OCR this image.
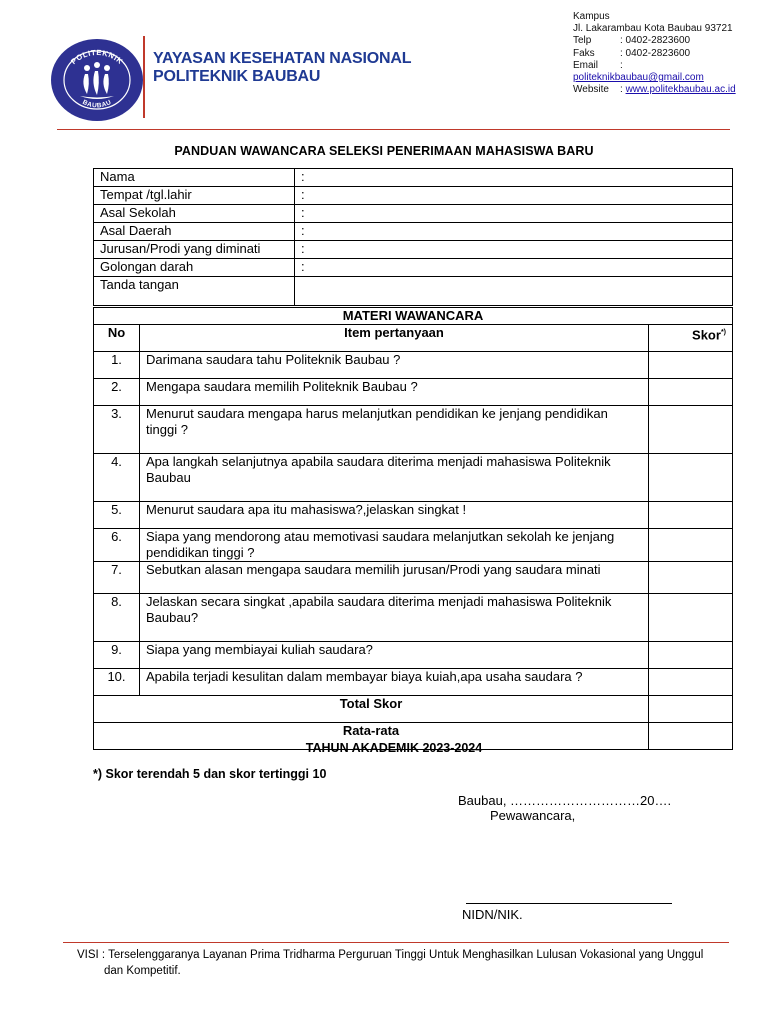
POLITEKNIK
BAUBAU
YAYASAN KESEHATAN NASIONAL
POLITEKNIK BAUBAU
Kampus
Jl. Lakarambau Kota Baubau 93721
Telp	: 0402-2823600
Faks	: 0402-2823600
Email	:
politeknikbaubau@gmail.com
Website	:
www.politekbaubau.ac.id
PANDUAN WAWANCARA SELEKSI PENERIMAAN MAHASISWA BARU
Nama	:
Tempat /tgl.lahir	:
Asal Sekolah	:
Asal Daerah	:
Jurusan/Prodi yang diminati	:
Golongan darah	:
Tanda tangan	
MATERI WAWANCARA		
No	Item pertanyaan	Skor*)
1.	Darimana saudara tahu Politeknik Baubau ?	
2.	Mengapa saudara memilih Politeknik Baubau ?	
3.	Menurut saudara mengapa harus melanjutkan pendidikan ke jenjang pendidikan tinggi ?	
4.	Apa langkah selanjutnya apabila saudara diterima menjadi mahasiswa Politeknik Baubau	
5.	Menurut saudara apa itu mahasiswa?,jelaskan singkat !	
6.	Siapa yang mendorong atau memotivasi saudara melanjutkan sekolah ke jenjang pendidikan tinggi ?	
7.	Sebutkan alasan mengapa saudara memilih jurusan/Prodi yang saudara minati	
8.	Jelaskan secara singkat ,apabila saudara diterima menjadi mahasiswa Politeknik Baubau?	
9.	Siapa yang membiayai kuliah saudara?	
10.	Apabila terjadi kesulitan dalam membayar biaya kuiah,apa usaha saudara ?	
Total Skor		
Rata-rata		
TAHUN AKADEMIK 2023-2024
*) Skor terendah 5 dan skor tertinggi 10
Baubau, …………………………20….
Pewawancara,
NIDN/NIK.
VISI : Terselenggaranya Layanan Prima Tridharma Perguruan Tinggi Untuk Menghasilkan Lulusan Vokasional yang Unggul
dan Kompetitif.
